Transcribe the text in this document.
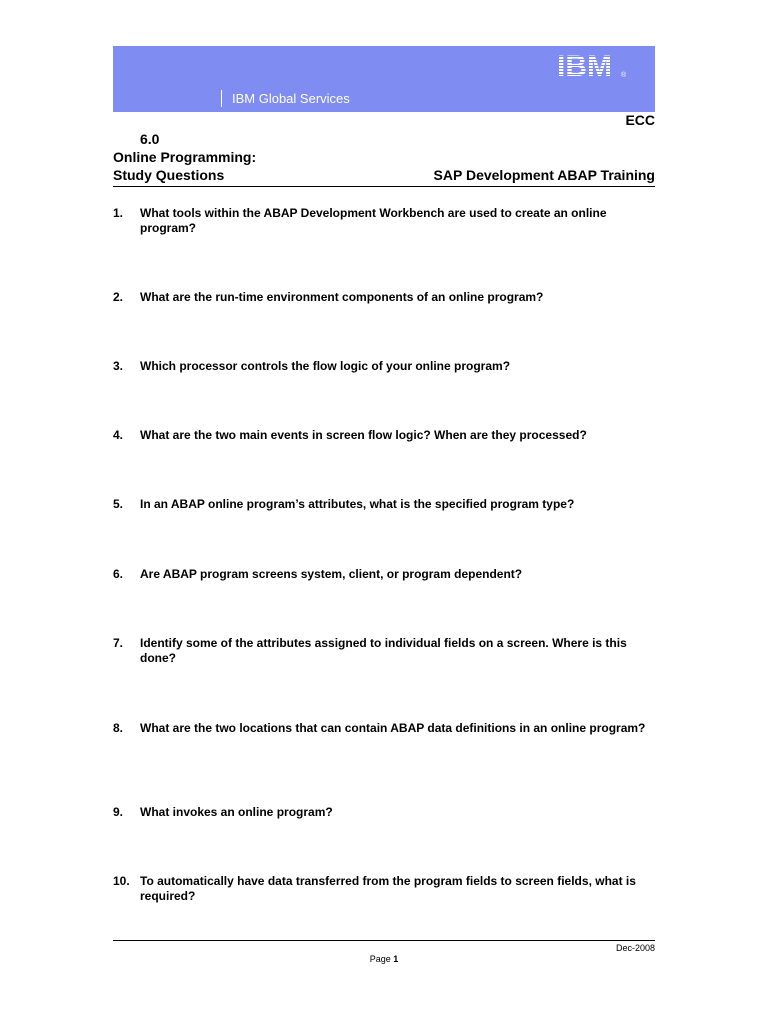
IBM Global Services
IBM ®
ECC
6.0
Online Programming:
Study Questions	SAP Development ABAP Training
1. What tools within the ABAP Development Workbench are used to create an online program?
2. What are the run-time environment components of an online program?
3. Which processor controls the flow logic of your online program?
4. What are the two main events in screen flow logic? When are they processed?
5. In an ABAP online program’s attributes, what is the specified program type?
6. Are ABAP program screens system, client, or program dependent?
7. Identify some of the attributes assigned to individual fields on a screen. Where is this done?
8. What are the two locations that can contain ABAP data definitions in an online program?
9. What invokes an online program?
10. To automatically have data transferred from the program fields to screen fields, what is required?
Dec-2008
Page 1
